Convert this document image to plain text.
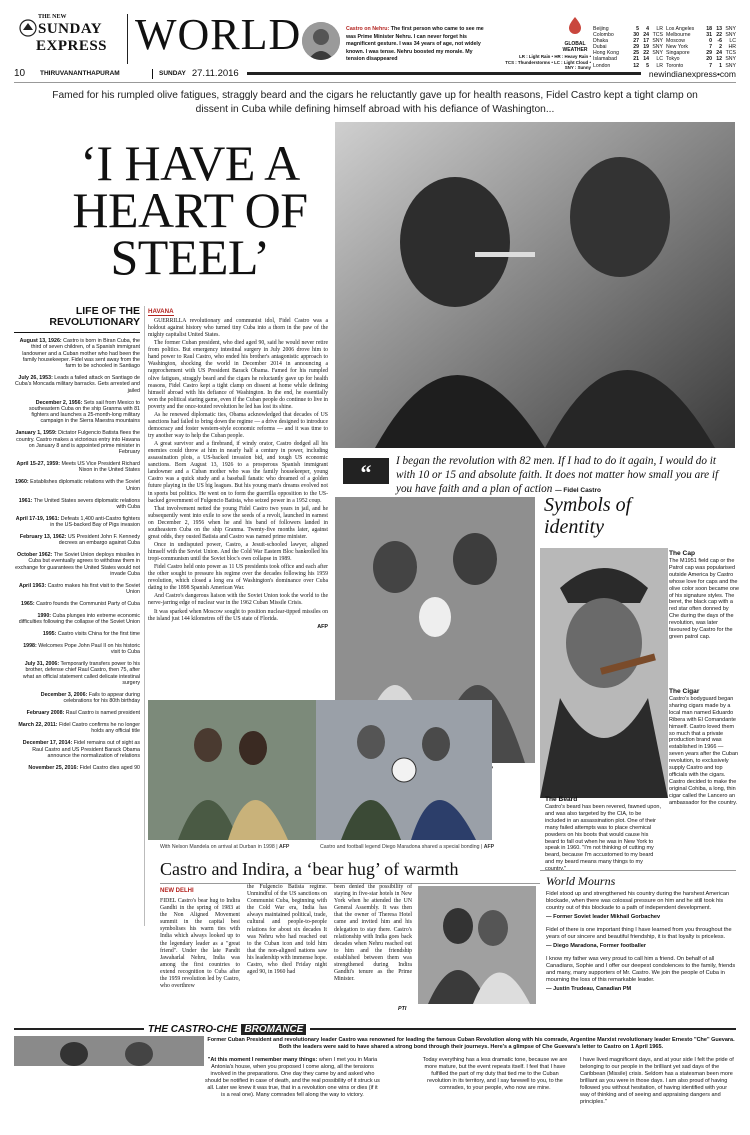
THE NEW
SUNDAY
EXPRESS WORLD	Castro on Nehru: The first person who came to see me was Prime Minister Nehru. I can never forget his magnificent gesture. I was 34 years of age, not widely known. I was tense. Nehru boosted my morale. My tension disappeared
GLOBAL
WEATHER
Beijing	5	4	LR
Colombo	30 24 TCS
Dhaka	27 17 SNY
Dubai	29 19 SNY
Hong Kong	25 22 SNY
Islamabad	21 14	LC
London	12	5	LR
Los Angeles	18 13 SNY
Melbourne	31 22 SNY
Moscow	0	-6	LC
New York	7	2	HR
Singapore	29 24 TCS
Tokyo	20 12 SNY
Toronto	7	1 SNY
LR : Light Rain • HR : Heavy Rain •
TCS : Thunderstorms • LC : Light Cloud • SNY : Sunny
10	THIRUVANANTHAPURAM	SUNDAY 27.11.2016	newindianexpress•com
Famed for his rumpled olive fatigues, straggly beard and the cigars he reluctantly gave up for health reasons, Fidel Castro kept a tight clamp on dissent in Cuba while defining himself abroad with his defiance of Washington...
‘I HAVE A
HEART OF
STEEL’
LIFE OF THE
REVOLUTIONARY
August 13, 1926: Castro is born in Biran Cuba, the third of seven children, of a Spanish immigrant landowner and a Cuban mother who had been the family housekeeper. Fidel was sent away from the farm to be schooled in Santiago
July 26, 1953: Leads a failed attack on Santiago de Cuba's Moncada military barracks. Gets arrested and jailed
December 2, 1956: Sets sail from Mexico to southeastern Cuba on the ship Granma with 81 fighters and launches a 25-month-long military campaign in the Sierra Maestra mountains
January 1, 1959: Dictator Fulgencio Batista flees the country. Castro makes a victorious entry into Havana on January 8 and is appointed prime minister in February
April 15-27, 1959: Meets US Vice President Richard Nixon in the United States
1960: Establishes diplomatic relations with the Soviet Union
1961: The United States severs diplomatic relations with Cuba
April 17-19, 1961: Defeats 1,400 anti-Castro fighters in the US-backed Bay of Pigs invasion
February 13, 1962: US President John F. Kennedy decrees an embargo against Cuba
October 1962: The Soviet Union deploys missiles in Cuba but eventually agrees to withdraw them in exchange for guarantees the United States would not invade Cuba
April 1963: Castro makes his first visit to the Soviet Union
1965: Castro founds the Communist Party of Cuba
1990: Cuba plunges into extreme economic difficulties following the collapse of the Soviet Union
1995: Castro visits China for the first time
1998: Welcomes Pope John Paul II on his historic visit to Cuba
July 31, 2006: Temporarily transfers power to his brother, defense chief Raul Castro, then 75, after what an official statement called delicate intestinal surgery
December 3, 2006: Fails to appear during celebrations for his 80th birthday
February 2008: Raul Castro is named president
March 22, 2011: Fidel Castro confirms he no longer holds any official title
December 17, 2014: Fidel remains out of sight as Raul Castro and US President Barack Obama announce the normalization of relations
November 25, 2016: Fidel Castro dies aged 90
HAVANA

GUERRILLA revolutionary and communist idol, Fidel Castro was a holdout against history who turned tiny Cuba into a thorn in the paw of the mighty capitalist United States.

The former Cuban president, who died aged 90, said he would never retire from politics. But emergency intestinal surgery in July 2006 drove him to hand power to Raul Castro, who ended his brother's antagonistic approach to Washington, shocking the world in December 2014 in announcing a rapprochement with US President Barack Obama. Famed for his rumpled olive fatigues, straggly beard and the cigars he reluctantly gave up for health reasons, Fidel Castro kept a tight clamp on dissent at home while defining himself abroad with his defiance of Washington. In the end, he essentially won the political staring game, even if the Cuban people do continue to live in poverty and the once-touted revolution he led has lost its shine.

As he renewed diplomatic ties, Obama acknowledged that decades of US sanctions had failed to bring down the regime — a drive designed to introduce democracy and foster western-style economic reforms — and it was time to try another way to help the Cuban people.

A great survivor and a firebrand, if windy orator, Castro dodged all his enemies could throw at him in nearly half a century in power, including assassination plots, a US-backed invasion bid, and tough US economic sanctions. Born August 13, 1926 to a prosperous Spanish immigrant landowner and a Cuban mother who was the family housekeeper, young Castro was a quick study and a baseball fanatic who dreamed of a golden future playing in the US big leagues. But his young man's dreams evolved not in sports but politics. He went on to form the guerrilla opposition to the US-backed government of Fulgencio Batista, who seized power in a 1952 coup.

That involvement netted the young Fidel Castro two years in jail, and he subsequently went into exile to sow the seeds of a revolt, launched in earnest on December 2, 1956 when he and his band of followers landed in southeastern Cuba on the ship Granma. Twenty-five months later, against great odds, they ousted Batista and Castro was named prime minister.

Once in undisputed power, Castro, a Jesuit-schooled lawyer, aligned himself with the Soviet Union. And the Cold War Eastern Bloc bankrolled his tropi-communism until the Soviet bloc's own collapse in 1989.

Fidel Castro held onto power as 11 US presidents took office and each after the other sought to pressure his regime over the decades following his 1959 revolution, which closed a long era of Washington's dominance over Cuba dating to the 1898 Spanish American War.

And Castro's dangerous liaison with the Soviet Union took the world to the nerve-jarring edge of nuclear war in the 1962 Cuban Missile Crisis.

It was sparked when Moscow sought to position nuclear-tipped missiles on the island just 144 kilometres off the US state of Florida.

AFP
“	I began the revolution with 82 men. If I had to do it again, I would do it with 10 or 15 and absolute faith. It does not matter how small you are if you have faith and a plan of action — Fidel Castro
Symbols of
identity
The Cap
The M1951 field cap or the Patrol cap was popularised outside America by Castro whose love for caps and the olive color soon became one of his signature styles. The beret, the black cap with a red star often donned by Che during the days of the revolution, was later favoured by Castro for the green patrol cap.
The Cigar
Castro's bodyguard began sharing cigars made by a local man named Eduardo Ribera with El Comandante himself. Castro loved them so much that a private production brand was established in 1966 — seven years after the Cuban revolution, to exclusively supply Castro and top officials with the cigars. Castro decided to make the original Cohiba, a long, thin cigar called the Lancero an ambassador for the country.
The Beard
Castro's beard has been revered, fawned upon, and was also targeted by the CIA, to be included in an assassination plot. One of their many failed attempts was to place chemical powders on his boots that would cause his beard to fall out when he was in New York to speak in 1960. "I'm not thinking of cutting my beard, because I'm accustomed to my beard and my beard means many things to my
With Nelson Mandela on arrival at Durban in 1998 | AFP	Castro and football legend Diego Maradona shared a special bonding | AFP
Castro and Indira, a ‘bear hug’ of warmth
NEW DELHI
FIDEL Castro's bear hug to Indira Gandhi in the spring of 1983 at the Non Aligned Movement summit in the capital best symbolises his warm ties with India which always looked up to the legendary leader as a "great friend". Under the late Pandit Jawaharlal Nehru, India was among the first countries to extend recognition to Cuba after the 1959 revolution led by Castro, who overthrew
the Fulgencio Batista regime. Unmindful of the US sanctions on Communist Cuba, beginning with the Cold War era, India has always maintained political, trade, cultural and people-to-people relations for about six decades It was Nehru who had reached out to the Cuban icon and told him that the non-aligned nations saw his leadership with immense hope. Castro, who died Friday night aged 90, in 1960 had
been denied the possibility of staying in five-star hotels in New York when he attended the UN General Assembly. It was then that the owner of Theresa Hotel came and invited him and his delegation to stay there. Castro's relationship with India goes back decades when Nehru reached out to him and the friendship established between them was strengthened during Indira Gandhi's tenure as the Prime Minister.
PTI
World Mourns
Fidel stood up and strengthened his country during the harshest American blockade, when there was colossal pressure on him and he still took his country out of this blockade to a path of independent development.
— Former Soviet leader Mikhail Gorbachev
Fidel of there is one important thing I have learned from you throughout the years of our sincere and beautiful friendship, it is that loyalty is priceless.
— Diego Maradona, Former footballer
I know my father was very proud to call him a friend. On behalf of all Canadians, Sophie and I offer our deepest condolences to the family, friends and many, many supporters of Mr. Castro. We join the people of Cuba in mourning the loss of this remarkable leader.
— Justin Trudeau, Canadian PM
THE CASTRO-CHE BROMANCE
Former Cuban President and revolutionary leader Castro was renowned for leading the famous Cuban Revolution along with his comrade, Argentine Marxist revolutionary leader Ernesto "Che" Guevara. Both the leaders were said to have shared a strong bond through their journeys. Here's a glimpse of Che Guevara's letter to Castro on 1 April 1965.
"At this moment I remember many things: when I met you in Maria Antonia's house, when you proposed I come along, all the tensions involved in the preparations. One day they came by and asked who should be notified in case of death, and the real possibility of it struck us all. Later we knew it was true, that in a revolution one wins or dies (if it is a real one). Many comrades fell along the way to victory.
Today everything has a less dramatic tone, because we are more mature, but the event repeats itself. I feel that I have fulfilled the part of my duty that tied me to the Cuban revolution in its territory, and I say farewell to you, to the comrades, to your people, who now are mine.
I have lived magnificent days, and at your side I felt the pride of belonging to our people in the brilliant yet sad days of the Caribbean (Missile) crisis. Seldom has a statesman been more brilliant as you were in those days. I am also proud of having followed you without hesitation, of having identified with your way of thinking and of seeing and appraising dangers and principles."
